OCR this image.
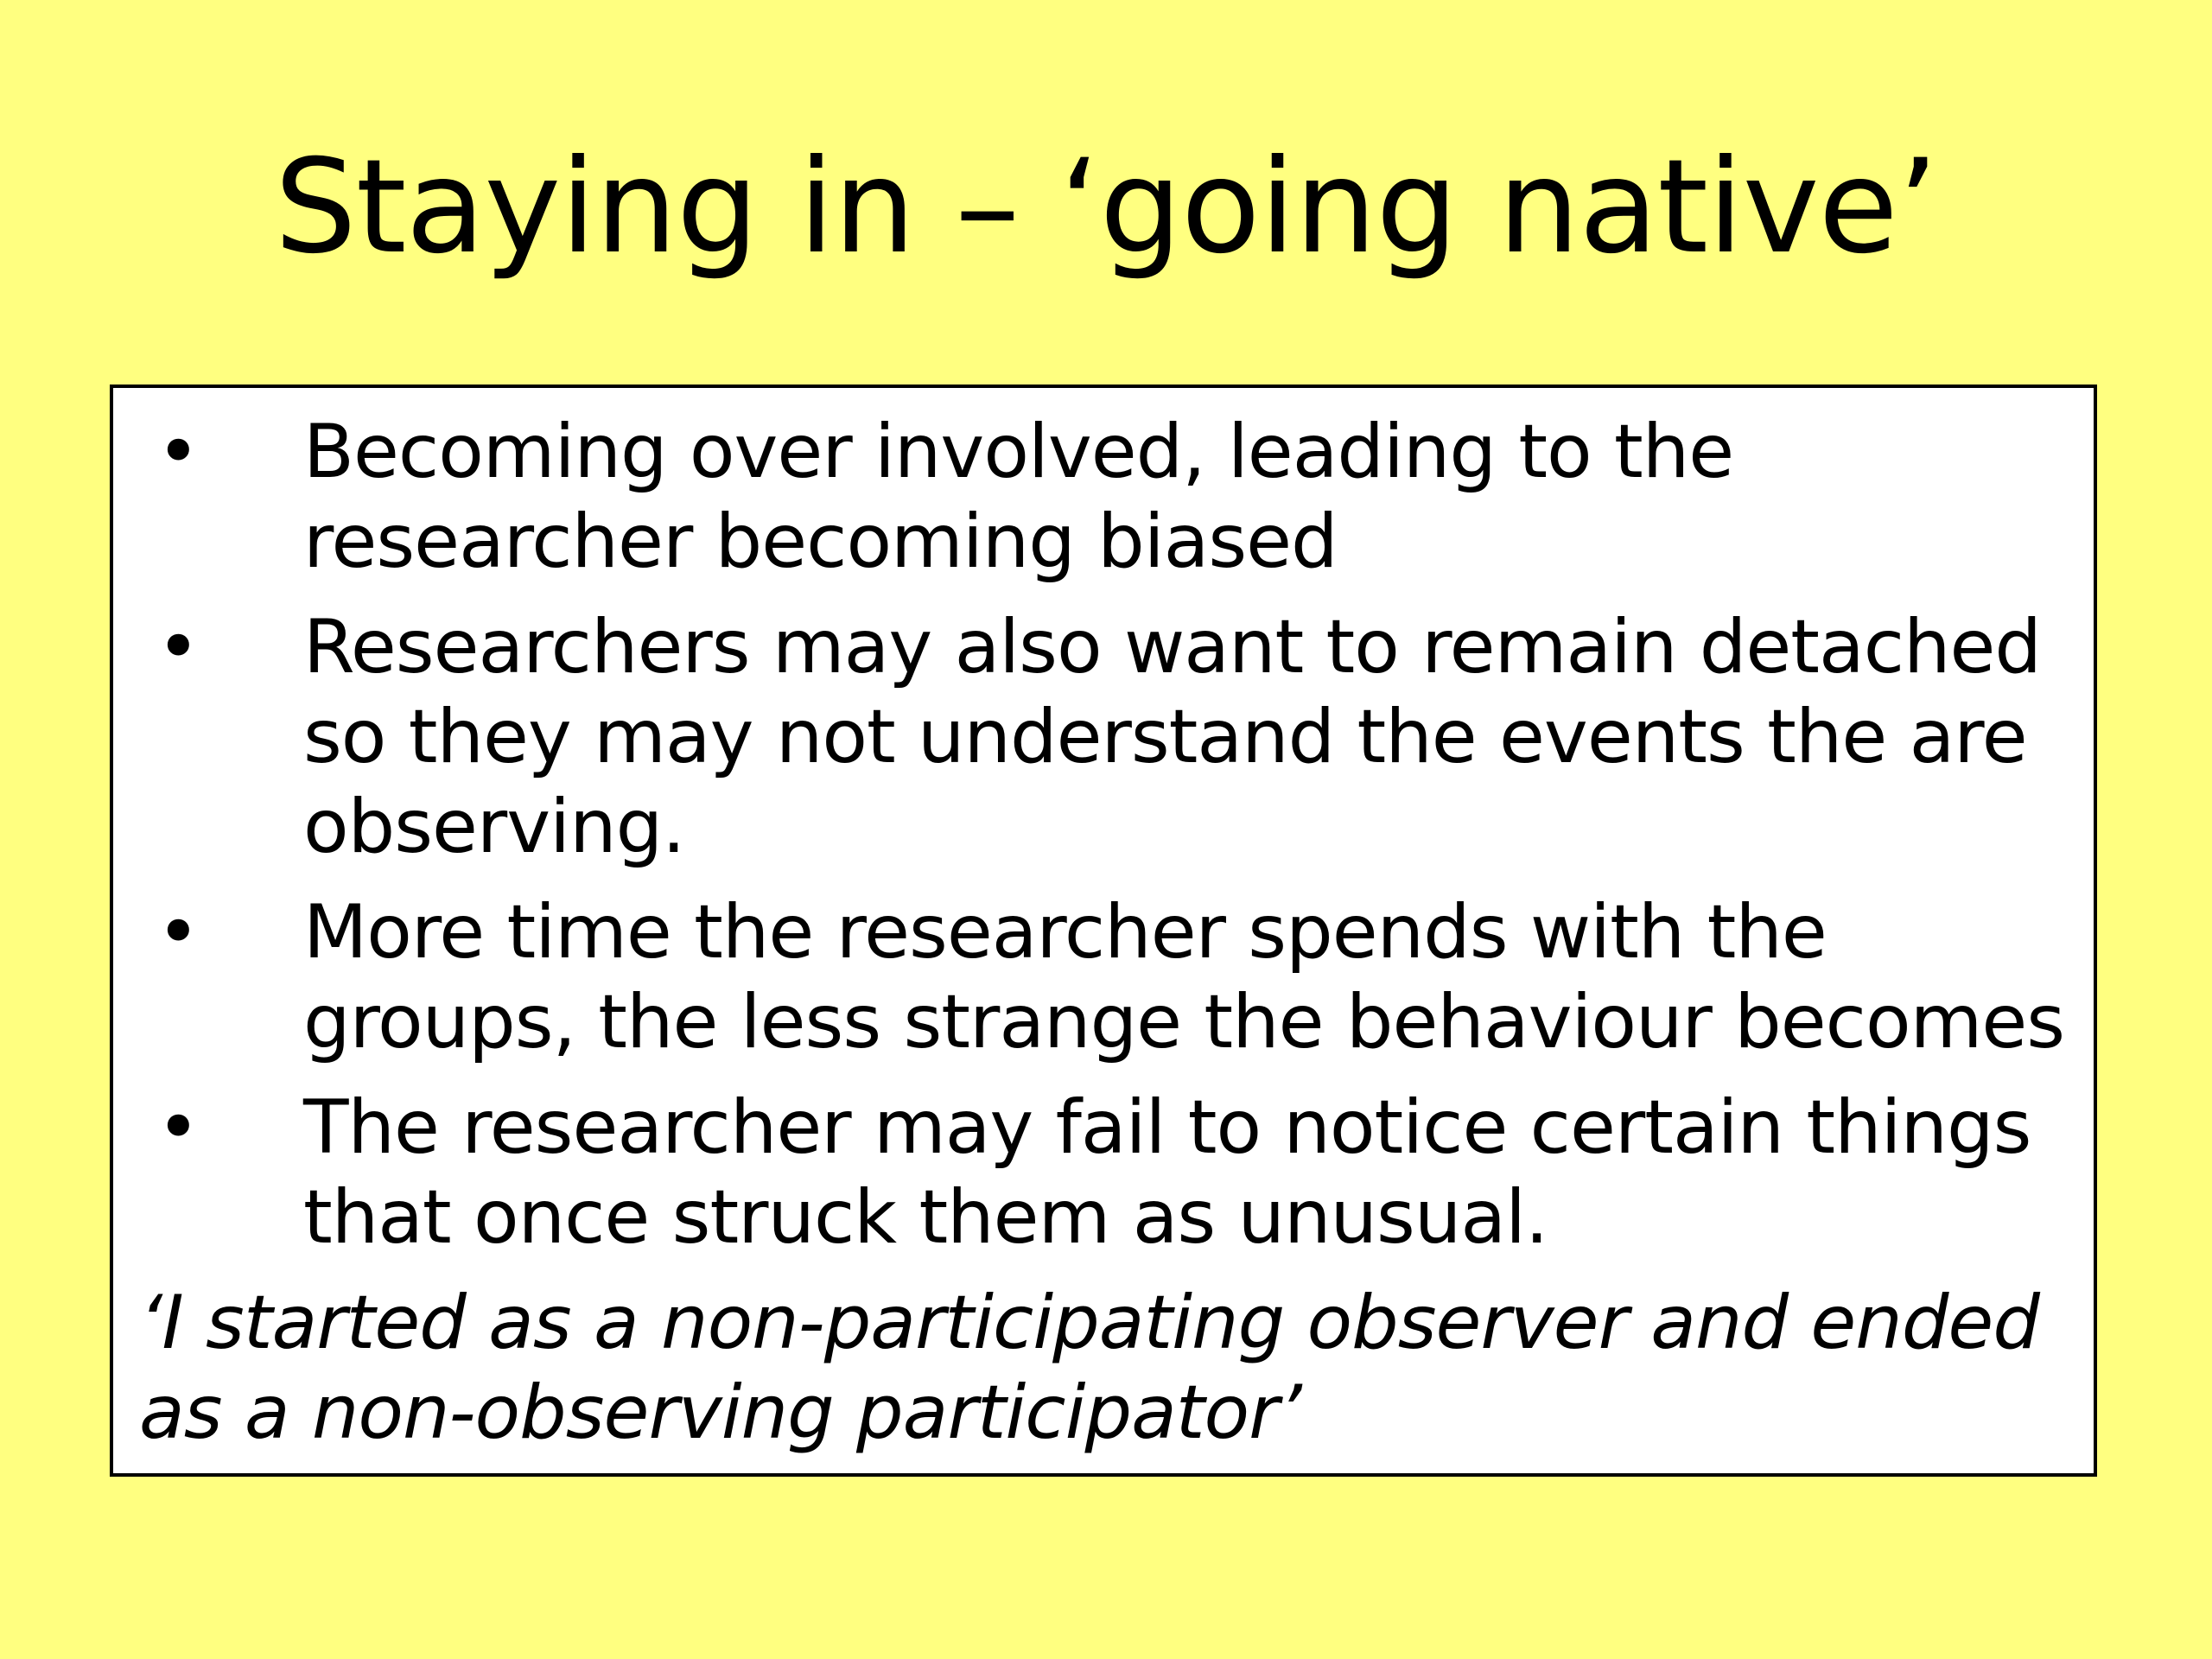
Staying in – ‘going native’
•	Becoming over involved, leading to the researcher becoming biased
•	Researchers may also want to remain detached so they may not understand the events the are observing.
•	More time the researcher spends with the groups, the less strange the behaviour becomes
•	The researcher may fail to notice certain things that once struck them as unusual.

‘I started as a non-participating observer and ended as a non-observing participator’
